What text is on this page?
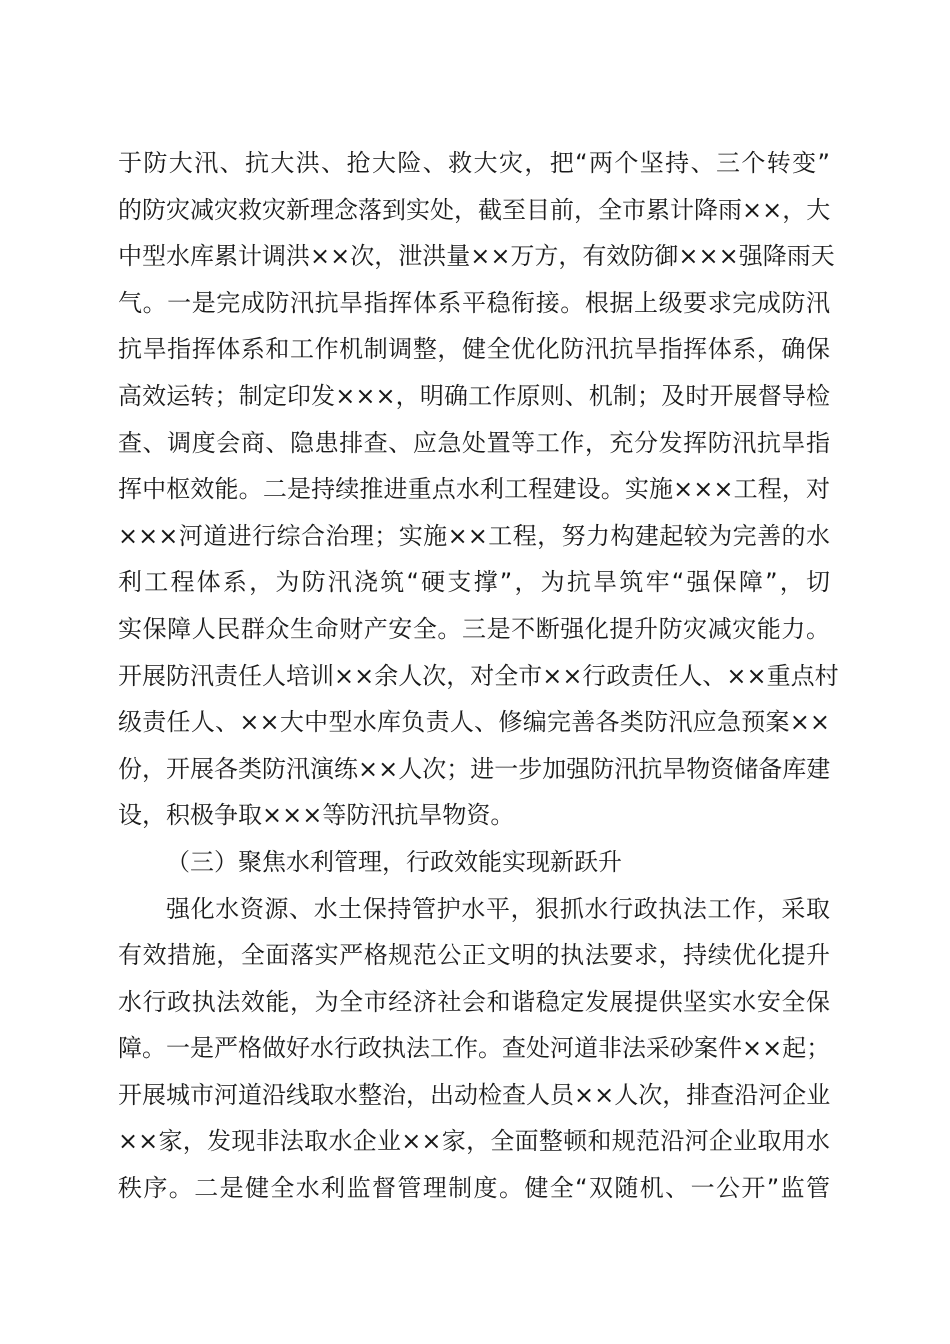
于防大汛、抗大洪、抢大险、救大灾，把“两个坚持、三个转变”
的防灾减灾救灾新理念落到实处，截至目前，全市累计降雨××，大
中型水库累计调洪××次，泄洪量××万方，有效防御×××强降雨天
气。一是完成防汛抗旱指挥体系平稳衔接。根据上级要求完成防汛
抗旱指挥体系和工作机制调整，健全优化防汛抗旱指挥体系，确保
高效运转；制定印发×××，明确工作原则、机制；及时开展督导检
查、调度会商、隐患排查、应急处置等工作，充分发挥防汛抗旱指
挥中枢效能。二是持续推进重点水利工程建设。实施×××工程，对
×××河道进行综合治理；实施××工程，努力构建起较为完善的水
利工程体系，为防汛浇筑“硬支撑”，为抗旱筑牢“强保障”，切
实保障人民群众生命财产安全。三是不断强化提升防灾减灾能力。
开展防汛责任人培训××余人次，对全市××行政责任人、××重点村
级责任人、××大中型水库负责人、修编完善各类防汛应急预案××
份，开展各类防汛演练××人次；进一步加强防汛抗旱物资储备库建
设，积极争取×××等防汛抗旱物资。
（三）聚焦水利管理，行政效能实现新跃升
强化水资源、水土保持管护水平，狠抓水行政执法工作，采取
有效措施，全面落实严格规范公正文明的执法要求，持续优化提升
水行政执法效能，为全市经济社会和谐稳定发展提供坚实水安全保
障。一是严格做好水行政执法工作。查处河道非法采砂案件××起；
开展城市河道沿线取水整治，出动检查人员××人次，排查沿河企业
××家，发现非法取水企业××家，全面整顿和规范沿河企业取用水
秩序。二是健全水利监督管理制度。健全“双随机、一公开”监管
